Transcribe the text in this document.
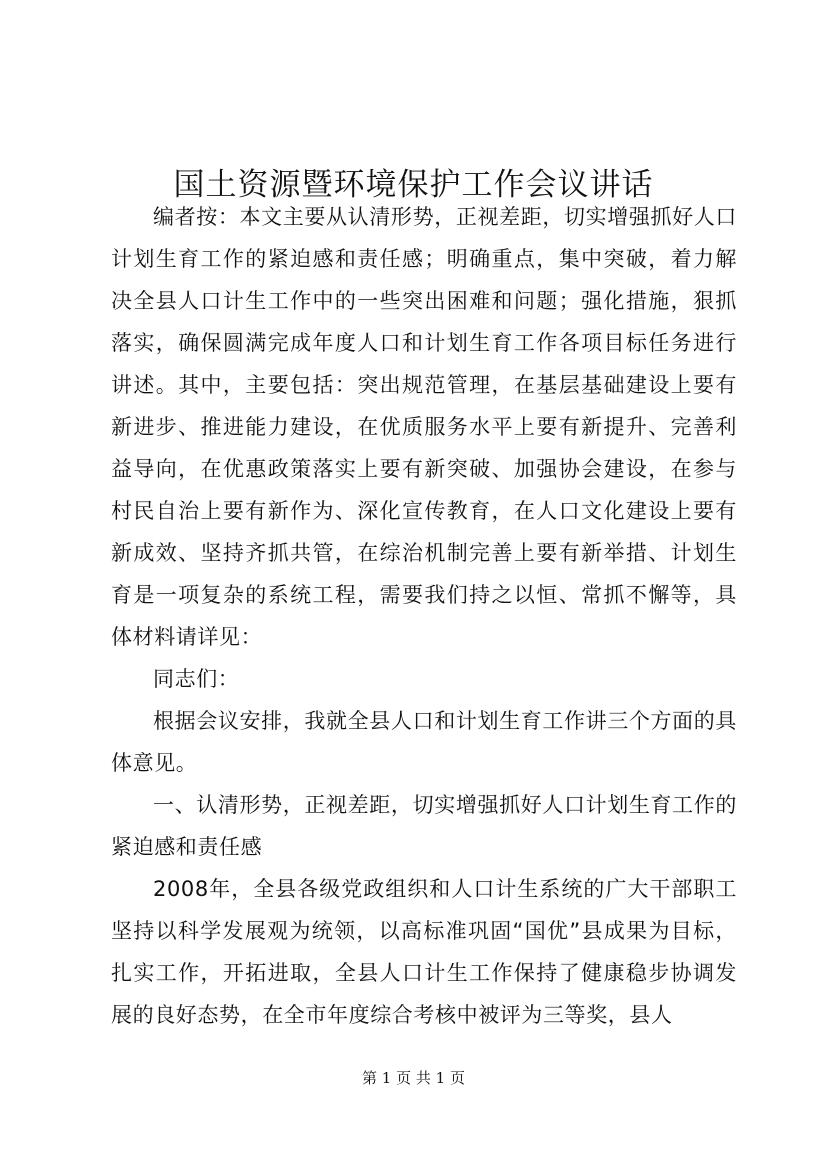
国土资源暨环境保护工作会议讲话

编者按：本文主要从认清形势，正视差距，切实增强抓好人口计划生育工作的紧迫感和责任感；明确重点，集中突破，着力解决全县人口计生工作中的一些突出困难和问题；强化措施，狠抓落实，确保圆满完成年度人口和计划生育工作各项目标任务进行讲述。其中，主要包括：突出规范管理，在基层基础建设上要有新进步、推进能力建设，在优质服务水平上要有新提升、完善利益导向，在优惠政策落实上要有新突破、加强协会建设，在参与村民自治上要有新作为、深化宣传教育，在人口文化建设上要有新成效、坚持齐抓共管，在综治机制完善上要有新举措、计划生育是一项复杂的系统工程，需要我们持之以恒、常抓不懈等，具体材料请详见：

同志们：

根据会议安排，我就全县人口和计划生育工作讲三个方面的具体意见。

一、认清形势，正视差距，切实增强抓好人口计划生育工作的紧迫感和责任感

2008年，全县各级党政组织和人口计生系统的广大干部职工坚持以科学发展观为统领，以高标准巩固“国优”县成果为目标，扎实工作，开拓进取，全县人口计生工作保持了健康稳步协调发展的良好态势，在全市年度综合考核中被评为三等奖，县人

第 1 页 共 1 页
